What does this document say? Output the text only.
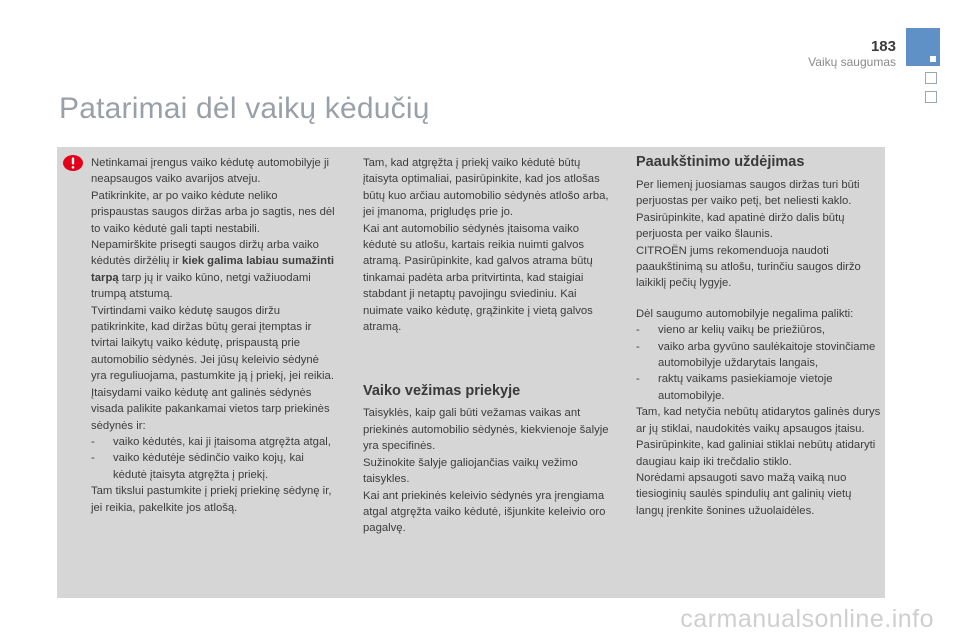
183
Vaikų saugumas
Patarimai dėl vaikų kėdučių

Netinkamai įrengus vaiko kėdutę automobilyje ji neapsaugos vaiko avarijos atveju.

Patikrinkite, ar po vaiko kėdute neliko prispaustas saugos diržas arba jo sagtis, nes dėl to vaiko kėdutė gali tapti nestabili.

Nepamirškite prisegti saugos diržų arba vaiko kėdutės diržėlių ir kiek galima labiau sumažinti tarpą tarp jų ir vaiko kūno, netgi važiuodami trumpą atstumą.

Tvirtindami vaiko kėdutę saugos diržu patikrinkite, kad diržas būtų gerai įtemptas ir tvirtai laikytų vaiko kėdutę, prispaustą prie automobilio sėdynės. Jei jūsų keleivio sėdynė yra reguliuojama, pastumkite ją į priekį, jei reikia.

Įtaisydami vaiko kėdutę ant galinės sėdynės visada palikite pakankamai vietos tarp priekinės sėdynės ir:

- vaiko kėdutės, kai ji įtaisoma atgręžta atgal,

- vaiko kėdutėje sėdinčio vaiko kojų, kai kėdutė įtaisyta atgręžta į priekį.

Tam tikslui pastumkite į priekį priekinę sėdynę ir, jei reikia, pakelkite jos atlošą.

Tam, kad atgręžta į priekį vaiko kėdutė būtų įtaisyta optimaliai, pasirūpinkite, kad jos atlošas būtų kuo arčiau automobilio sėdynės atlošo arba, jei įmanoma, prigludęs prie jo.

Kai ant automobilio sėdynės įtaisoma vaiko kėdutė su atlošu, kartais reikia nuimti galvos atramą. Pasirūpinkite, kad galvos atrama būtų tinkamai padėta arba pritvirtinta, kad staigiai stabdant ji netaptų pavojingu sviediniu. Kai nuimate vaiko kėdutę, grąžinkite į vietą galvos atramą.

Vaiko vežimas priekyje

Taisyklės, kaip gali būti vežamas vaikas ant priekinės automobilio sėdynės, kiekvienoje šalyje yra specifinės.

Sužinokite šalyje galiojančias vaikų vežimo taisykles.

Kai ant priekinės keleivio sėdynės yra įrengiama atgal atgręžta vaiko kėdutė, išjunkite keleivio oro pagalvę.

Paaukštinimo uždėjimas

Per liemenį juosiamas saugos diržas turi būti perjuostas per vaiko petį, bet neliesti kaklo.

Pasirūpinkite, kad apatinė diržo dalis būtų perjuosta per vaiko šlaunis.

CITROËN jums rekomenduoja naudoti paaukštinimą su atlošu, turinčiu saugos diržo laikiklį pečių lygyje.

Dėl saugumo automobilyje negalima palikti:

- vieno ar kelių vaikų be priežiūros,

- vaiko arba gyvūno saulėkaitoje stovinčiame automobilyje uždarytais langais,

- raktų vaikams pasiekiamoje vietoje automobilyje.

Tam, kad netyčia nebūtų atidarytos galinės durys ar jų stiklai, naudokitės vaikų apsaugos įtaisu.

Pasirūpinkite, kad galiniai stiklai nebūtų atidaryti daugiau kaip iki trečdalio stiklo.

Norėdami apsaugoti savo mažą vaiką nuo tiesioginių saulės spindulių ant galinių vietų langų įrenkite šonines užuolaidėles.

carmanualsonline.info
